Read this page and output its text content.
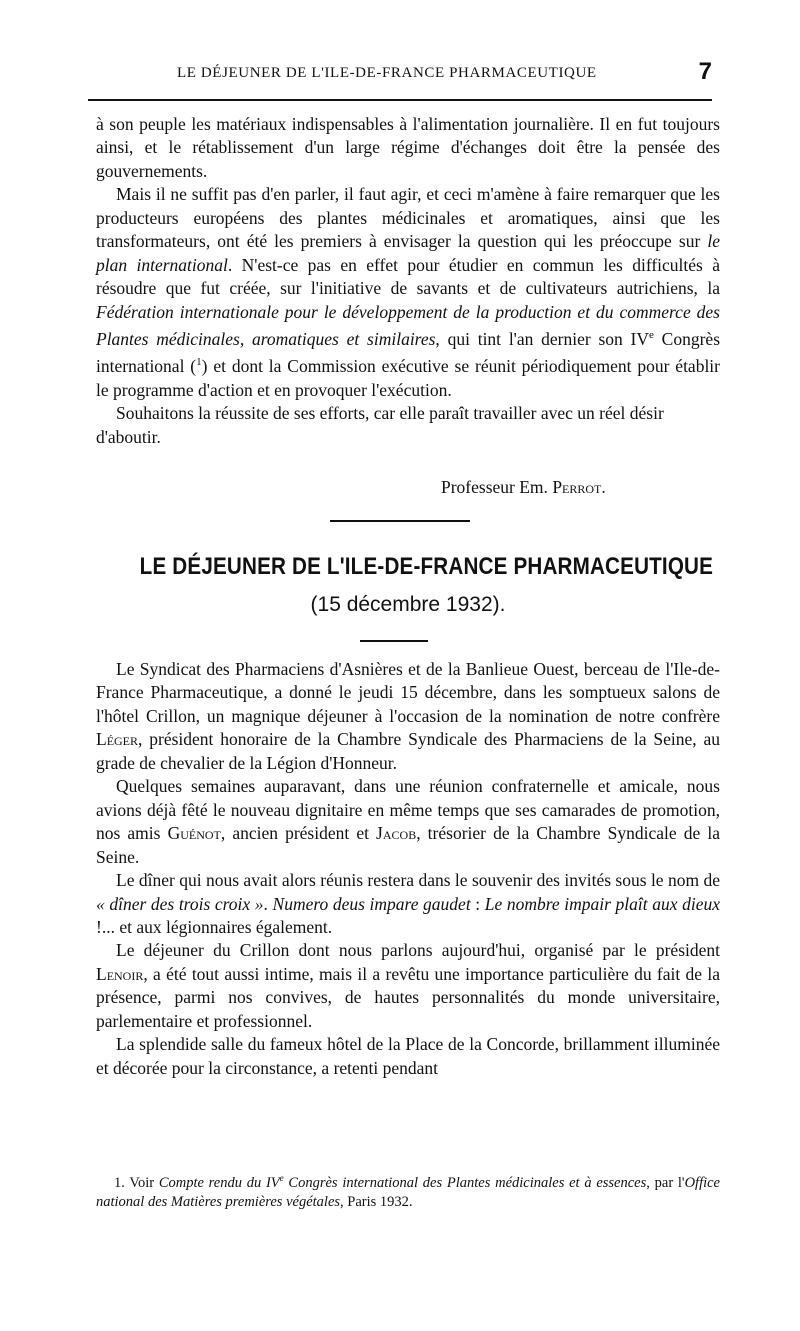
LE DÉJEUNER DE L'ILE-DE-FRANCE PHARMACEUTIQUE	7

à son peuple les matériaux indispensables à l'alimentation journalière. Il en fut toujours ainsi, et le rétablissement d'un large régime d'échanges doit être la pensée des gouvernements.

Mais il ne suffit pas d'en parler, il faut agir, et ceci m'amène à faire remarquer que les producteurs européens des plantes médicinales et aromatiques, ainsi que les transformateurs, ont été les premiers à envisager la question qui les préoccupe sur le plan international. N'est-ce pas en effet pour étudier en commun les difficultés à résoudre que fut créée, sur l'initiative de savants et de cultivateurs autrichiens, la Fédération internationale pour le développement de la production et du commerce des Plantes médicinales, aromatiques et similaires, qui tint l'an dernier son IVe Congrès international ($^1$) et dont la Commission exécutive se réunit périodiquement pour établir le programme d'action et en provoquer l'exécution.

Souhaitons la réussite de ses efforts, car elle paraît travailler avec un réel désir d'aboutir.

Professeur Em. Perrot.
LE DÉJEUNER DE L'ILE-DE-FRANCE PHARMACEUTIQUE
(15 décembre 1932).

Le Syndicat des Pharmaciens d'Asnières et de la Banlieue Ouest, berceau de l'Ile-de-France Pharmaceutique, a donné le jeudi 15 décembre, dans les somptueux salons de l'hôtel Crillon, un magnique déjeuner à l'occasion de la nomination de notre confrère Léger, président honoraire de la Chambre Syndicale des Pharmaciens de la Seine, au grade de chevalier de la Légion d'Honneur.

Quelques semaines auparavant, dans une réunion confraternelle et amicale, nous avions déjà fêté le nouveau dignitaire en même temps que ses camarades de promotion, nos amis Guénot, ancien président et Jacob, trésorier de la Chambre Syndicale de la Seine.

Le dîner qui nous avait alors réunis restera dans le souvenir des invités sous le nom de « dîner des trois croix ». Numero deus impare gaudet : Le nombre impair plaît aux dieux !... et aux légionnaires également.

Le déjeuner du Crillon dont nous parlons aujourd'hui, organisé par le président Lenoir, a été tout aussi intime, mais il a revêtu une importance particulière du fait de la présence, parmi nos convives, de hautes personnalités du monde universitaire, parlementaire et professionnel.

La splendide salle du fameux hôtel de la Place de la Concorde, brillamment illuminée et décorée pour la circonstance, a retenti pendant

1. Voir Compte rendu du IVe Congrès international des Plantes médicinales et à essences, par l'Office national des Matières premières végétales, Paris 1932.
